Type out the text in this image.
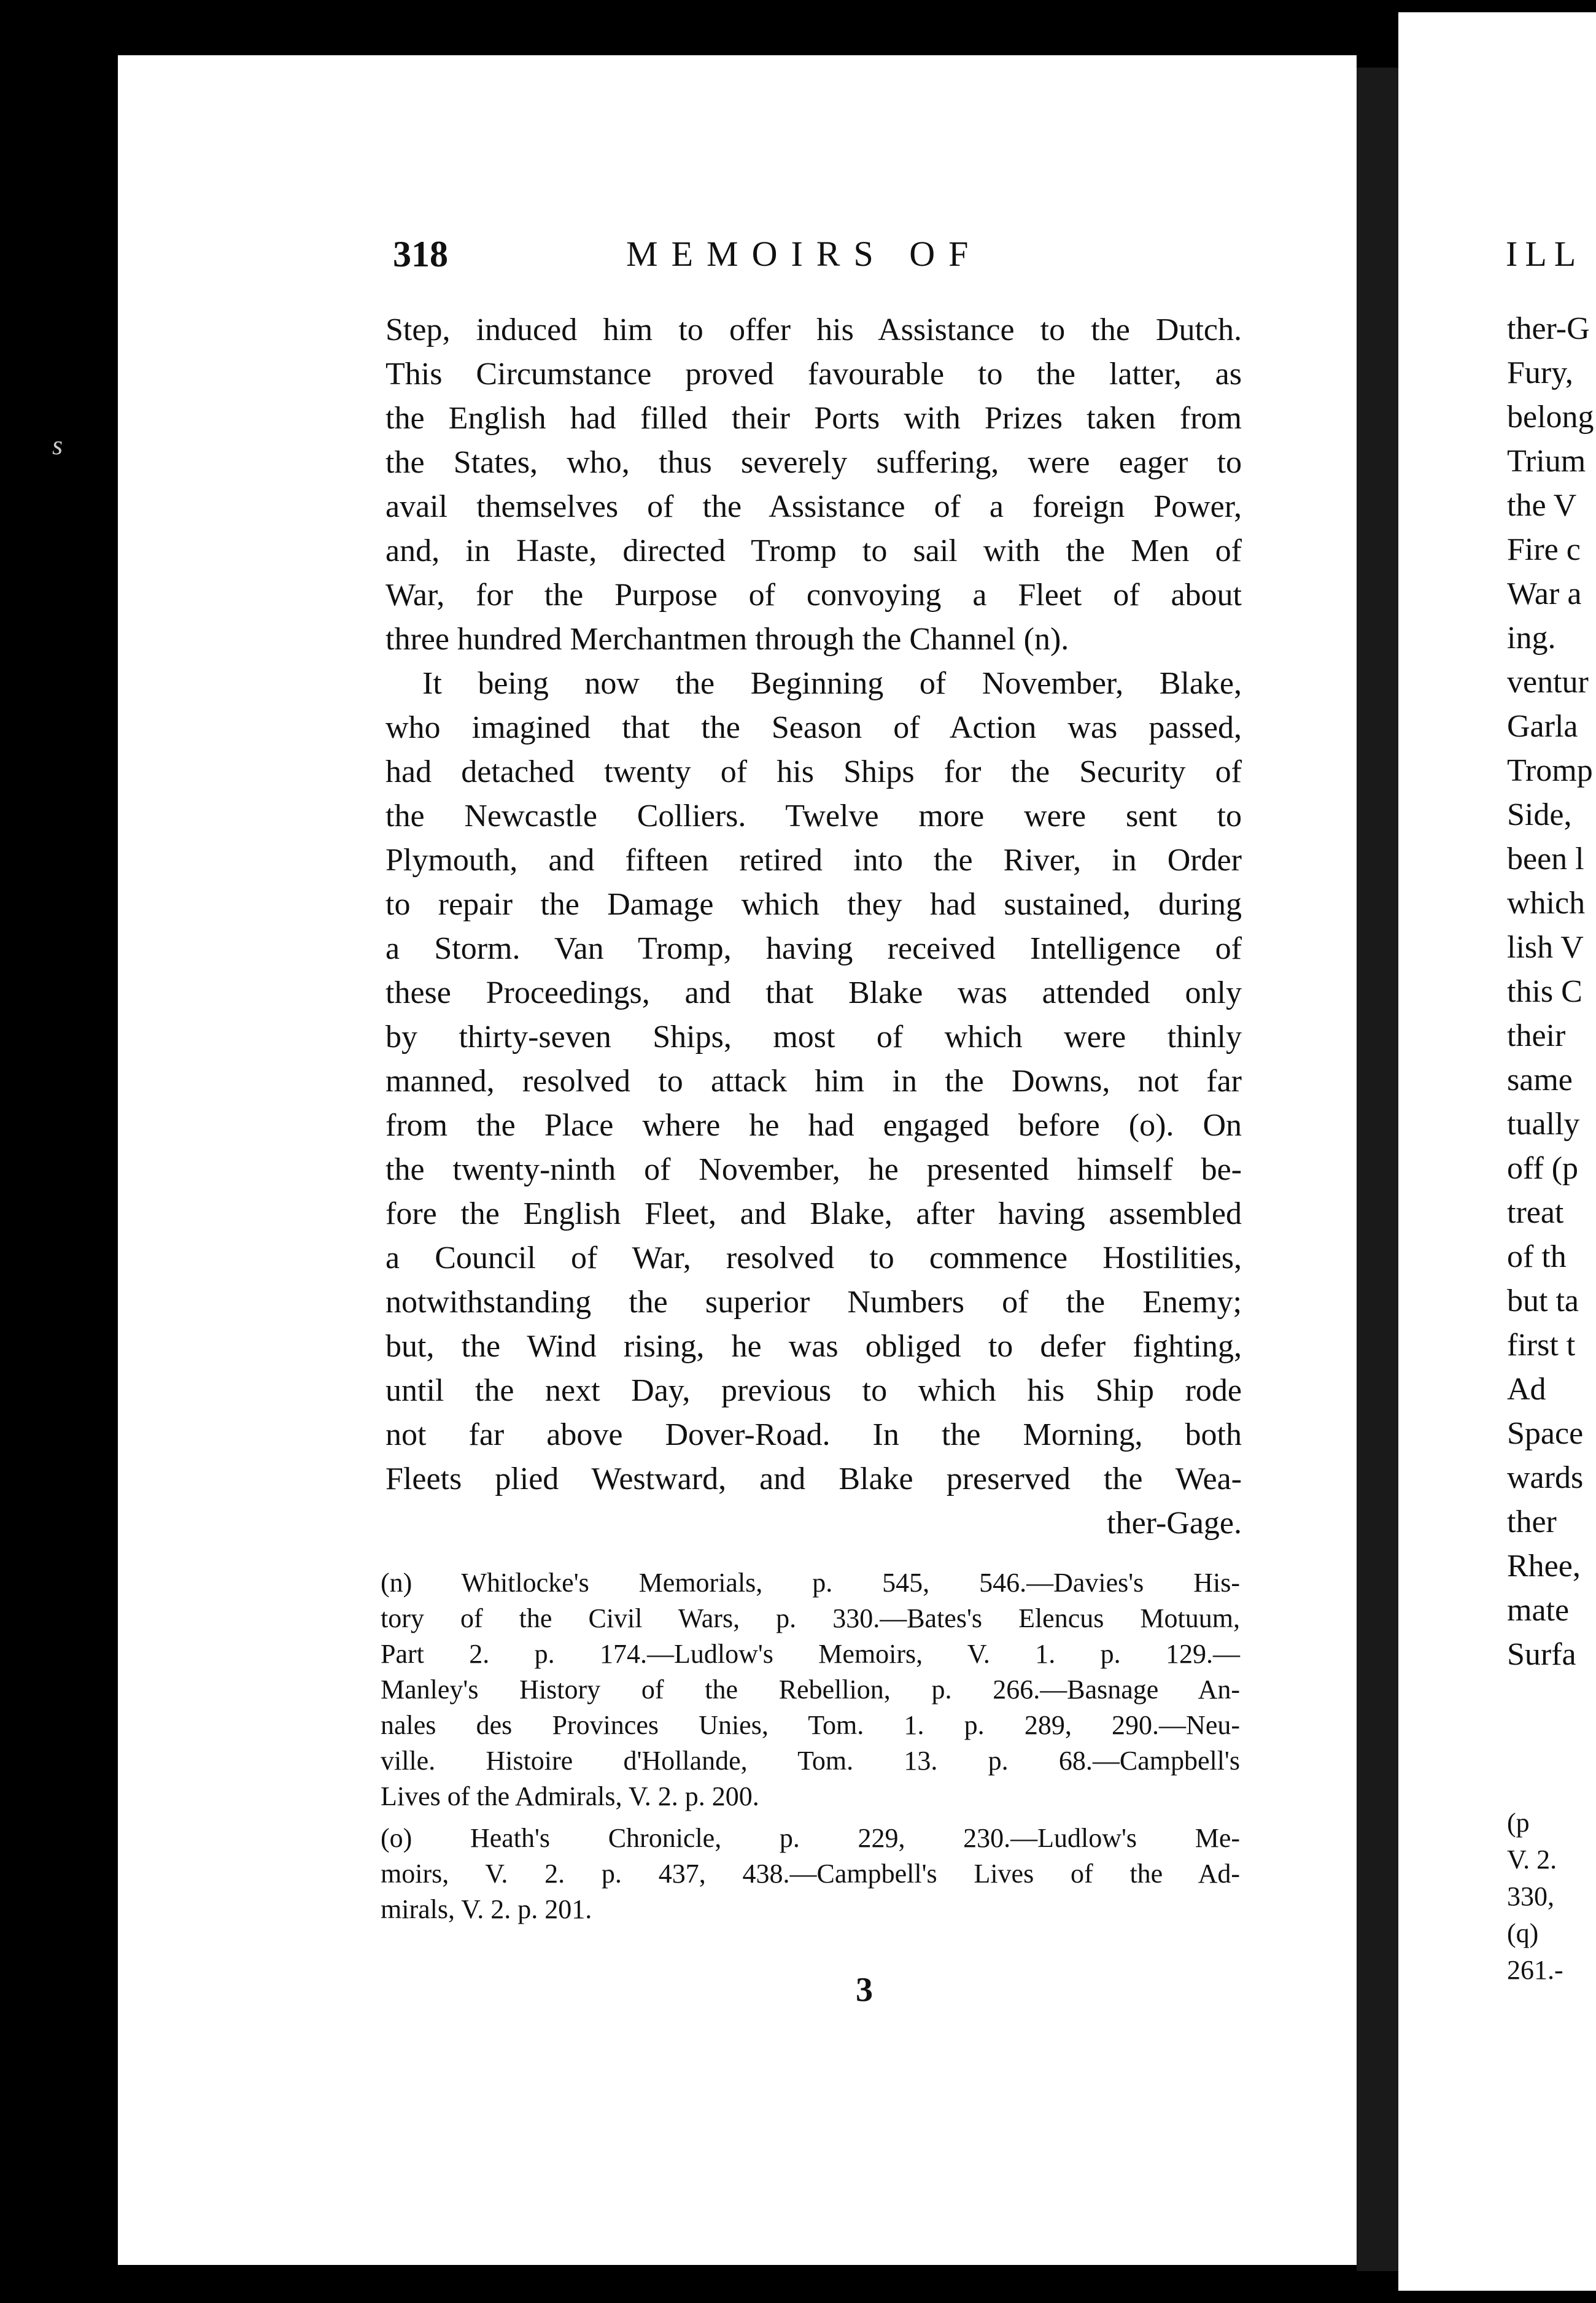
ILL
ther-G
Fury,
belong
Trium
the V
Fire c
War a
ing.
ventur
Garla
Tromp
Side,
been l
which
lish V
this C
their
same
tually
off (p
treat
of th
but ta
first t
Ad
Space
wards
ther
Rhee,
mate
Surfa
(p
V. 2.
330,
(q)
261.-
s
318	MEMOIRS OF
Step, induced him to offer his Assistance to the Dutch.
This Circumstance proved favourable to the latter, as
the English had filled their Ports with Prizes taken from
the States, who, thus severely suffering, were eager to
avail themselves of the Assistance of a foreign Power,
and, in Haste, directed Tromp to sail with the Men of
War, for the Purpose of convoying a Fleet of about
three hundred Merchantmen through the Channel (n).
It being now the Beginning of November, Blake,
who imagined that the Season of Action was passed,
had detached twenty of his Ships for the Security of
the Newcastle Colliers. Twelve more were sent to
Plymouth, and fifteen retired into the River, in Order
to repair the Damage which they had sustained, during
a Storm. Van Tromp, having received Intelligence of
these Proceedings, and that Blake was attended only
by thirty-seven Ships, most of which were thinly
manned, resolved to attack him in the Downs, not far
from the Place where he had engaged before (o). On
the twenty-ninth of November, he presented himself be-
fore the English Fleet, and Blake, after having assembled
a Council of War, resolved to commence Hostilities,
notwithstanding the superior Numbers of the Enemy;
but, the Wind rising, he was obliged to defer fighting,
until the next Day, previous to which his Ship rode
not far above Dover-Road. In the Morning, both
Fleets plied Westward, and Blake preserved the Wea-
ther-Gage.
(n) Whitlocke's Memorials, p. 545, 546.—Davies's His-
tory of the Civil Wars, p. 330.—Bates's Elencus Motuum,
Part 2. p. 174.—Ludlow's Memoirs, V. 1. p. 129.—
Manley's History of the Rebellion, p. 266.—Basnage An-
nales des Provinces Unies, Tom. 1. p. 289, 290.—Neu-
ville. Histoire d'Hollande, Tom. 13. p. 68.—Campbell's
Lives of the Admirals, V. 2. p. 200.
(o) Heath's Chronicle, p. 229, 230.—Ludlow's Me-
moirs, V. 2. p. 437, 438.—Campbell's Lives of the Ad-
mirals, V. 2. p. 201.
3
